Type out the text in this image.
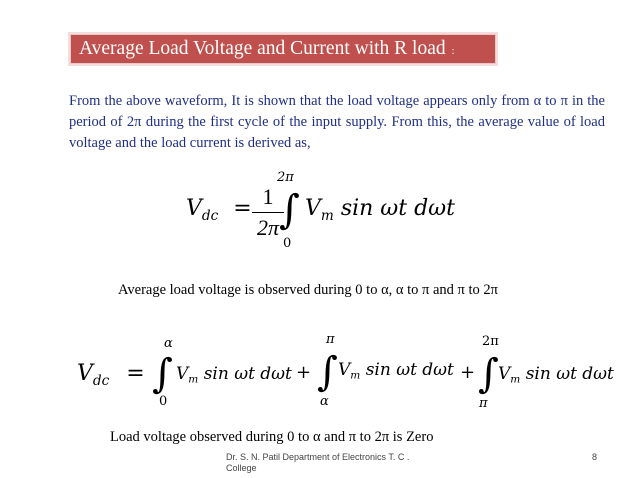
Average Load Voltage and Current with R load :
From the above waveform, It is shown that the load voltage appears only from α to π in the period of 2π during the first cycle of the input supply. From this, the average value of load voltage and the load current is derived as,
$V_{dc} = 1$
2π
2π
∫
0
$V_m$ sin ωt dωt
Average load voltage is observed during 0 to α, α to π and π to 2π
$V_{dc}$ =
α
∫
0
$V_m$ sin ωt dωt +
π
∫
α
$V_m$ sin ωt dωt +
2π
∫
π
$V_m$ sin ωt dωt
Load voltage observed during 0 to α and π to 2π is Zero
Dr. S. N. Patil Department of Electronics T. C . College
8
